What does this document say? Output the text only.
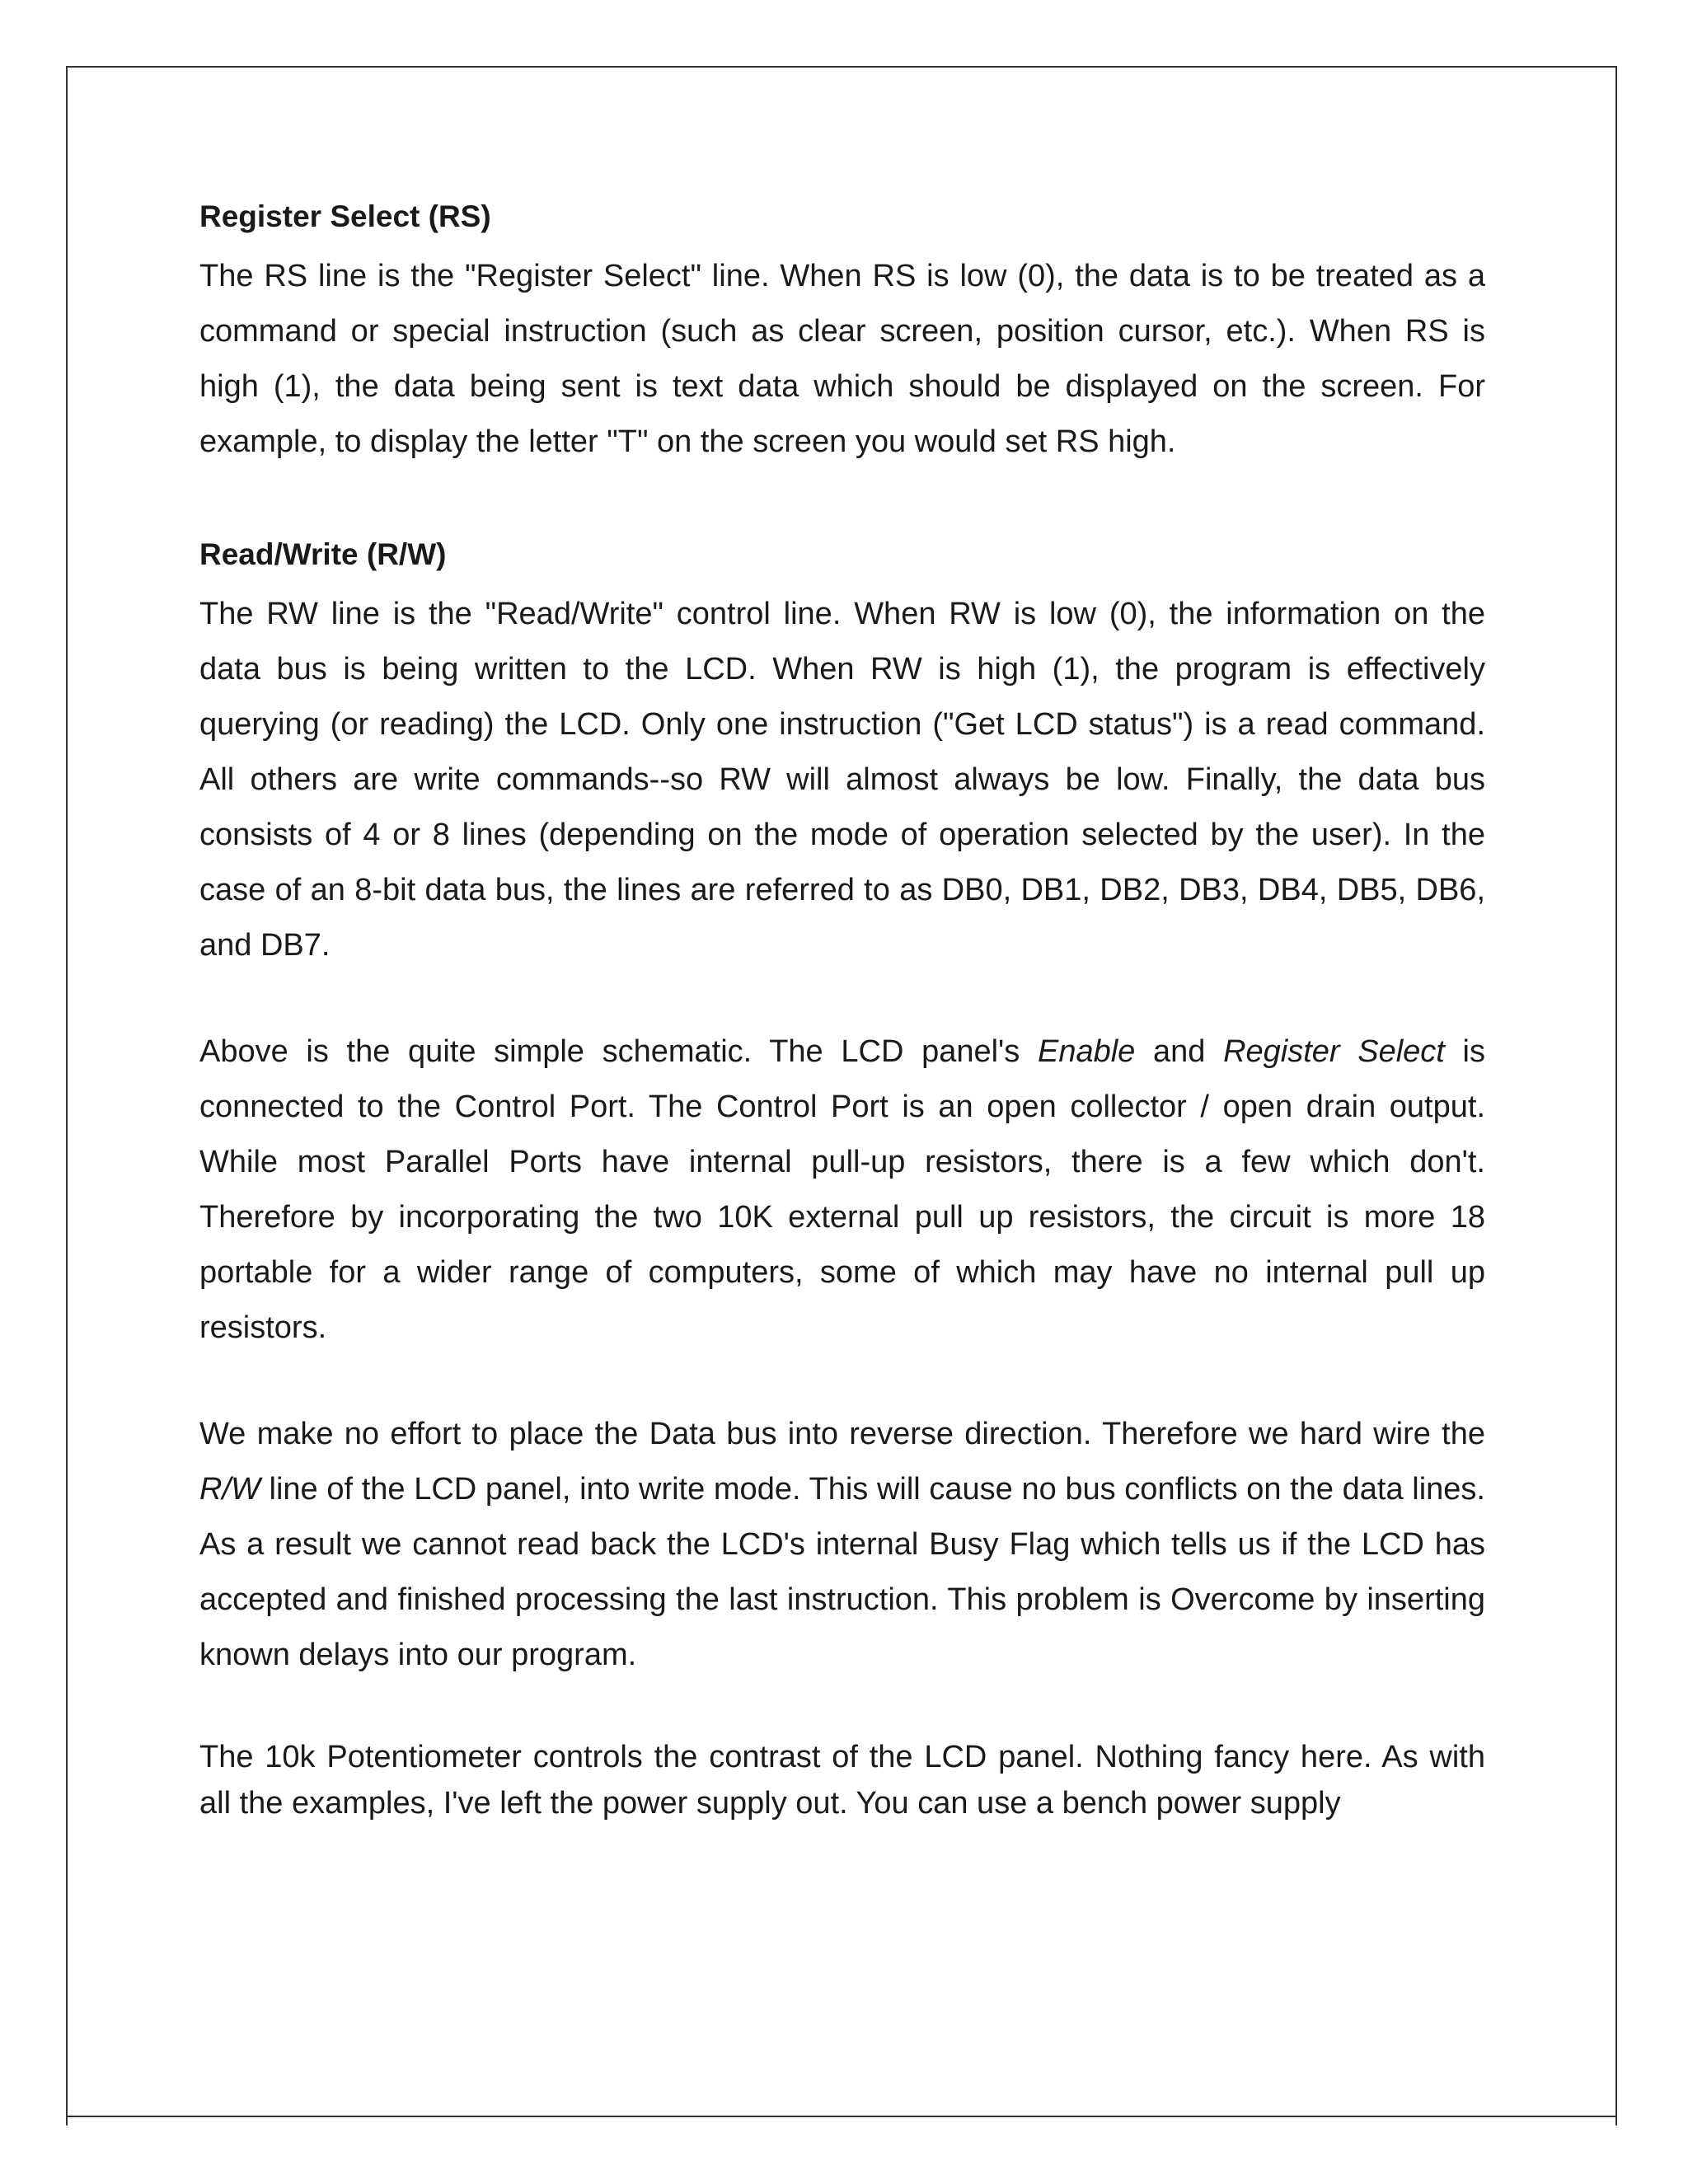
Register Select (RS)

The RS line is the "Register Select" line. When RS is low (0), the data is to be treated as a command or special instruction (such as clear screen, position cursor, etc.). When RS is high (1), the data being sent is text data which should be displayed on the screen. For example, to display the letter "T" on the screen you would set RS high.

Read/Write (R/W)

The RW line is the "Read/Write" control line. When RW is low (0), the information on the data bus is being written to the LCD. When RW is high (1), the program is effectively querying (or reading) the LCD. Only one instruction ("Get LCD status") is a read command. All others are write commands--so RW will almost always be low. Finally, the data bus consists of 4 or 8 lines (depending on the mode of operation selected by the user). In the case of an 8-bit data bus, the lines are referred to as DB0, DB1, DB2, DB3, DB4, DB5, DB6, and DB7.

Above is the quite simple schematic. The LCD panel's Enable and Register Select is connected to the Control Port. The Control Port is an open collector / open drain output. While most Parallel Ports have internal pull-up resistors, there is a few which don't. Therefore by incorporating the two 10K external pull up resistors, the circuit is more 18 portable for a wider range of computers, some of which may have no internal pull up resistors.

We make no effort to place the Data bus into reverse direction. Therefore we hard wire the R/W line of the LCD panel, into write mode. This will cause no bus conflicts on the data lines. As a result we cannot read back the LCD's internal Busy Flag which tells us if the LCD has accepted and finished processing the last instruction. This problem is Overcome by inserting known delays into our program.

The 10k Potentiometer controls the contrast of the LCD panel. Nothing fancy here. As with all the examples, I've left the power supply out. You can use a bench power supply
